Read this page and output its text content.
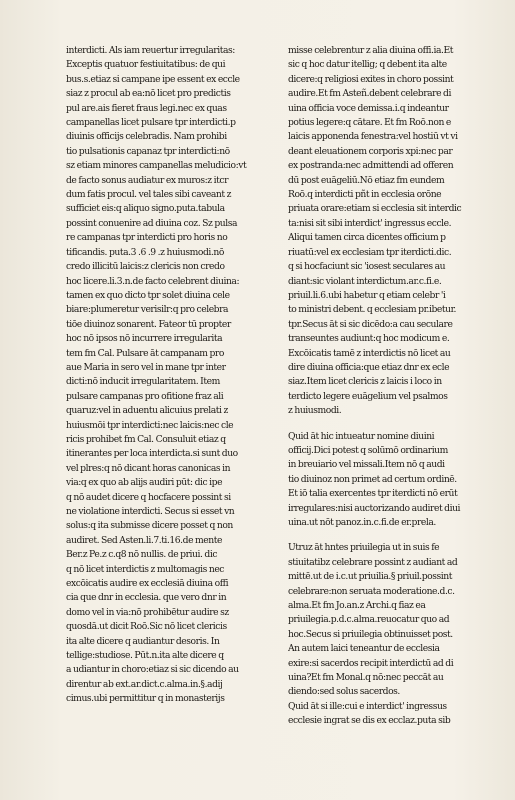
interdicti. Als iam reuertur irregularitas:
Exceptis quatuor festiuitatibus: de qui
bus.s.etiaz si campane ipe essent ex eccle
siaz z procul ab ea:nō licet pro predictis
pul are.ais fieret fraus legi.nec ex quas
campanellas licet pulsare tpr interdicti.p
diuinis officijs celebradis. Nam prohibi
tio pulsationis capanaz tpr interdicti:nō
sz etiam minores campanellas meludicio:vt
de facto sonus audiatur ex muros:z itcr
dum fatis procul. vel tales sibi caveant z
sufficiet eis:q aliquo signo.puta.tabula
possint conuenire ad diuina coz. Sz pulsa
re campanas tpr interdicti pro horis no
tificandis. puta.3 .6 .9 .z huiusmodi.nō
credo illicitū laicis:z clericis non credo
hoc licere.li.3.n.de facto celebrent diuina:
tamen ex quo dicto tpr solet diuina cele
biare:plumeretur verisilr:q pro celebra
tiōe diuinoz sonarent. Fateor tū propter
hoc nō ipsos nō incurrere irregularita
tem fm Cal. Pulsare āt campanam pro
aue Maria in sero vel in mane tpr inter
dicti:nō inducit irregularitatem. Item
pulsare campanas pro ofitione fraz ali
quaruz:vel in aduentu alicuius prelati z
huiusmōi tpr interdicti:nec laicis:nec cle
ricis prohibet fm Cal. Consuluit etiaz q
itinerantes per loca interdicta.si sunt duo
vel plres:q nō dicant horas canonicas in
via:q ex quo ab alijs audiri pūt: dic ipe
q nō audet dicere q hocfacere possint si
ne violatione interdicti. Secus si esset vn
solus:q ita submisse dicere posset q non
audiret. Sed Asten.li.7.ti.16.de mente
Ber.z Pe.z c.q8 nō nullis. de priui. dic
q nō licet interdictis z multomagis nec
excōicatis audire ex ecclesiā diuina offi
cia que dnr in ecclesia. que vero dnr in
domo vel in via:nō prohibētur audire sz
quosdā.ut dicit Roō.Sic nō licet clericis
ita alte dicere q audiantur desoris. In
tellige:studiose. Pūt.n.ita alte dicere q
a udiantur in choro:etiaz si sic dicendo au
direntur ab ext.ar.dict.c.alma.in.§.adij
cimus.ubi permittitur q in monasterijs
misse celebrentur z alia diuina offi.ia.Et
sic q hoc datur itellig; q debent ita alte
dicere:q religiosi exites in choro possint
audire.Et fm Asteñ.debent celebrare di
uina officia voce demissa.i.q indeantur
potius legere:q cātare. Et fm Roō.non e
laicis apponenda fenestra:vel hostiū vt vi
deant eleuationem corporis xpi:nec par
ex postranda:nec admittendi ad offeren
dū post euāgeliū.Nō etiaz fm eundem
Roō.q interdicti pñt in ecclesia orōne
priuata orare:etiam si ecclesia sit interdic
ta:nisi sit sibi interdict' ingressus eccle.
Aliqui tamen circa dicentes officium p
riuatū:vel ex ecclesiam tpr iterdicti.dic.
q si hocfaciunt sic 'iosest seculares au
diant:sic violant interdictum.ar.c.fi.e.
priuil.li.6.ubi habetur q etiam celebr 'i
to ministri debent. q ecclesiam pr.ibetur.
tpr.Secus āt si sic dicēdo:a cau seculare
transeuntes audiunt:q hoc modicum e.
Excōicatis tamē z interdictis nō licet au
dire diuina officia:que etiaz dnr ex ecle
siaz.Item licet clericis z laicis i loco in
terdicto legere euāgelium vel psalmos
z huiusmodi.
Quid āt hic intueatur nomine diuini
officij.Dici potest q solūmō ordinarium
in breuiario vel missali.Item nō q audi
tio diuinoz non primet ad certum ordinē.
Et iō talia exercentes tpr iterdicti nō erūt
irregulares:nisi auctorizando audiret diui
uina.ut nōt panoz.in.c.fi.de er.prela.
Utruz āt hntes priuilegia ut in suis fe
stiuitatibz celebrare possint z audiant ad
mittē.ut de i.c.ut priuilia.§ priuil.possint
celebrare:non seruata moderatione.d.c.
alma.Et fm Jo.an.z Archi.q fiaz ea
priuilegia.p.d.c.alma.reuocatur quo ad
hoc.Secus si priuilegia obtinuisset post.
An autem laici teneantur de ecclesia
exire:si sacerdos recipit interdictū ad di
uina?Et fm Monal.q nō:nec peccāt au
diendo:sed solus sacerdos.
Quid āt si ille:cui e interdict' ingressus
ecclesie ingrat se dis ex ecclaz.puta sib
